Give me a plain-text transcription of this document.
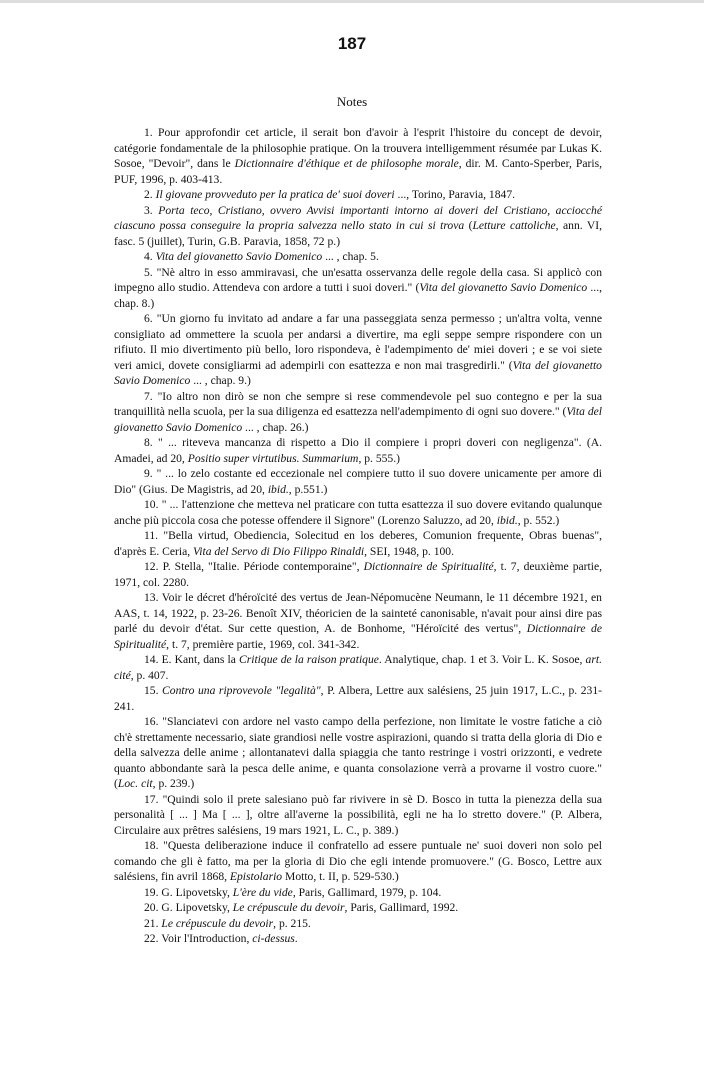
187
Notes

1. Pour approfondir cet article, il serait bon d'avoir à l'esprit l'histoire du concept de devoir, catégorie fondamentale de la philosophie pratique. On la trouvera intelligemment résumée par Lukas K. Sosoe, "Devoir", dans le Dictionnaire d'éthique et de philosophe morale, dir. M. Canto-Sperber, Paris, PUF, 1996, p. 403-413.

2. Il giovane provveduto per la pratica de' suoi doveri ..., Torino, Paravia, 1847.

3. Porta teco, Cristiano, ovvero Avvisi importanti intorno ai doveri del Cristiano, acciocché ciascuno possa conseguire la propria salvezza nello stato in cui si trova (Letture cattoliche, ann. VI, fasc. 5 (juillet), Turin, G.B. Paravia, 1858, 72 p.)

4. Vita del giovanetto Savio Domenico ... , chap. 5.

5. "Nè altro in esso ammiravasi, che un'esatta osservanza delle regole della casa. Si applicò con impegno allo studio. Attendeva con ardore a tutti i suoi doveri." (Vita del giovanetto Savio Domenico ..., chap. 8.)

6. "Un giorno fu invitato ad andare a far una passeggiata senza permesso ; un'altra volta, venne consigliato ad ommettere la scuola per andarsi a divertire, ma egli seppe sempre rispondere con un rifiuto. Il mio divertimento più bello, loro rispondeva, è l'adempimento de' miei doveri ; e se voi siete veri amici, dovete consigliarmi ad adempirli con esattezza e non mai trasgredirli." (Vita del giovanetto Savio Domenico ... , chap. 9.)

7. "Io altro non dirò se non che sempre si rese commendevole pel suo contegno e per la sua tranquillità nella scuola, per la sua diligenza ed esattezza nell'adempimento di ogni suo dovere." (Vita del giovanetto Savio Domenico ... , chap. 26.)

8. " ... riteveva mancanza di rispetto a Dio il compiere i propri doveri con negligenza". (A. Amadei, ad 20, Positio super virtutibus. Summarium, p. 555.)

9. " ... lo zelo costante ed eccezionale nel compiere tutto il suo dovere unicamente per amore di Dio" (Gius. De Magistris, ad 20, ibid., p.551.)

10. " ... l'attenzione che metteva nel praticare con tutta esattezza il suo dovere evitando qualunque anche più piccola cosa che potesse offendere il Signore" (Lorenzo Saluzzo, ad 20, ibid., p. 552.)

11. "Bella virtud, Obediencia, Solecitud en los deberes, Comunion frequente, Obras buenas", d'après E. Ceria, Vita del Servo di Dio Filippo Rinaldi, SEI, 1948, p. 100.

12. P. Stella, "Italie. Période contemporaine", Dictionnaire de Spiritualité, t. 7, deuxième partie, 1971, col. 2280.

13. Voir le décret d'héroïcité des vertus de Jean-Népomucène Neumann, le 11 décembre 1921, en AAS, t. 14, 1922, p. 23-26. Benoît XIV, théoricien de la sainteté canonisable, n'avait pour ainsi dire pas parlé du devoir d'état. Sur cette question, A. de Bonhome, "Héroïcité des vertus", Dictionnaire de Spiritualité, t. 7, première partie, 1969, col. 341-342.

14. E. Kant, dans la Critique de la raison pratique. Analytique, chap. 1 et 3. Voir L. K. Sosoe, art. cité, p. 407.

15. Contro una riprovevole "legalità", P. Albera, Lettre aux salésiens, 25 juin 1917, L.C., p. 231-241.

16. "Slanciatevi con ardore nel vasto campo della perfezione, non limitate le vostre fatiche a ciò ch'è strettamente necessario, siate grandiosi nelle vostre aspirazioni, quando si tratta della gloria di Dio e della salvezza delle anime ; allontanatevi dalla spiaggia che tanto restringe i vostri orizzonti, e vedrete quanto abbondante sarà la pesca delle anime, e quanta consolazione verrà a provarne il vostro cuore." (Loc. cit, p. 239.)

17. "Quindi solo il prete salesiano può far rivivere in sè D. Bosco in tutta la pienezza della sua personalità [ ... ] Ma [ ... ], oltre all'averne la possibilità, egli ne ha lo stretto dovere." (P. Albera, Circulaire aux prêtres salésiens, 19 mars 1921, L. C., p. 389.)

18. "Questa deliberazione induce il confratello ad essere puntuale ne' suoi doveri non solo pel comando che gli è fatto, ma per la gloria di Dio che egli intende promuovere." (G. Bosco, Lettre aux salésiens, fin avril 1868, Epistolario Motto, t. II, p. 529-530.)

19. G. Lipovetsky, L'ère du vide, Paris, Gallimard, 1979, p. 104.

20. G. Lipovetsky, Le crépuscule du devoir, Paris, Gallimard, 1992.

21. Le crépuscule du devoir, p. 215.

22. Voir l'Introduction, ci-dessus.
